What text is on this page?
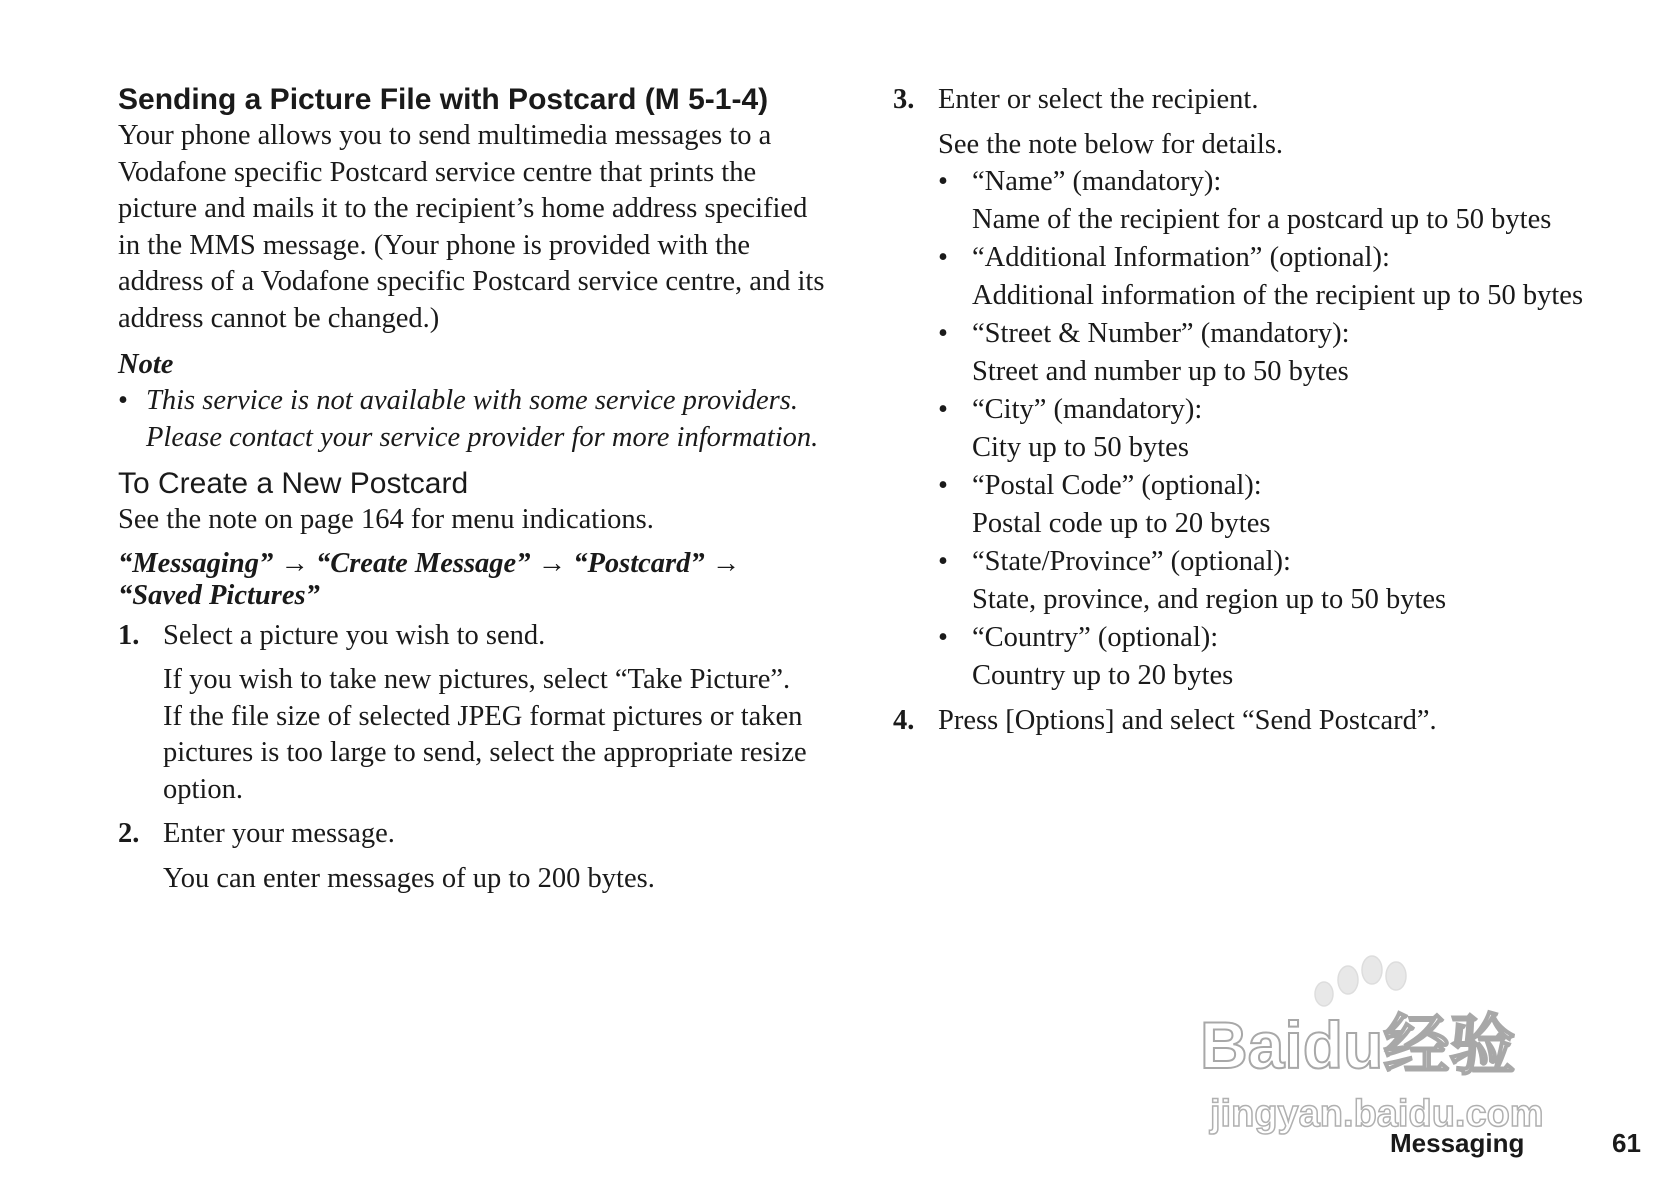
Sending a Picture File with Postcard (M 5-1-4)

Your phone allows you to send multimedia messages to a Vodafone specific Postcard service centre that prints the picture and mails it to the recipient’s home address specified in the MMS message. (Your phone is provided with the address of a Vodafone specific Postcard service centre, and its address cannot be changed.)

Note
• This service is not available with some service providers. Please contact your service provider for more information.
To Create a New Postcard

See the note on page 164 for menu indications.

“Messaging” → “Create Message” → “Postcard” → “Saved Pictures”
1. Select a picture you wish to send.
If you wish to take new pictures, select “Take Picture”.
If the file size of selected JPEG format pictures or taken pictures is too large to send, select the appropriate resize option.
2. Enter your message.
You can enter messages of up to 200 bytes.
3. Enter or select the recipient.
See the note below for details.
• “Name” (mandatory):
Name of the recipient for a postcard up to 50 bytes
• “Additional Information” (optional):
Additional information of the recipient up to 50 bytes
• “Street & Number” (mandatory):
Street and number up to 50 bytes
• “City” (mandatory):
City up to 50 bytes
• “Postal Code” (optional):
Postal code up to 20 bytes
• “State/Province” (optional):
State, province, and region up to 50 bytes
• “Country” (optional):
Country up to 20 bytes
4. Press [Options] and select “Send Postcard”.
Baidu经验
jingyan.baidu.com
Messaging	61
